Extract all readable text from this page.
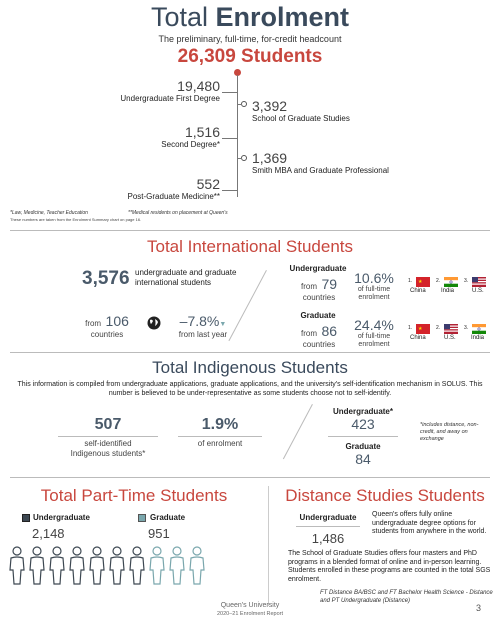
Total Enrolment
The preliminary, full-time, for-credit headcount
26,309 Students
19,480
Undergraduate First Degree 3,392
School of Graduate Studies
1,516
Second Degree*
1,369
Smith MBA and Graduate Professional
552
Post-Graduate Medicine**
*Law, Medicine, Teacher Education	**Medical residents on placement at Queen's
These numbers are taken from the Enrolment Summary chart on page 16.
Total International Students
3,576 undergraduate and graduate international students
from 106
countries
–7.8%▼
from last year
Undergraduate
from 79
countries
10.6%
of full-time enrolment
1. ★
China
2.
India
3.
U.S.
Graduate
from 86
countries
24.4%
of full-time enrolment
1. ★
China
2.
U.S.
3.
India
Total Indigenous Students
This information is compiled from undergraduate applications, graduate applications, and the university's self-identification mechanism in SOLUS. This number is believed to be under-representative as some students choose not to self-identify.
507
self-identified Indigenous students*
1.9%
of enrolment
Undergraduate*
423
Graduate
84
*includes distance, non-credit, and away on exchange
Total Part-Time Students
Undergraduate
2,148
Graduate
951
Distance Studies Students
Undergraduate
1,486
Queen's offers fully online undergraduate degree options for students from anywhere in the world.
The School of Graduate Studies offers four masters and PhD programs in a blended format of online and in-person learning. Students enrolled in these programs are counted in the total SGS enrolment.
FT Distance BA/BSC and FT Bachelor Health Science - Distance and PT Undergraduate (Distance)
Queen's University
2020–21 Enrolment Report
3
